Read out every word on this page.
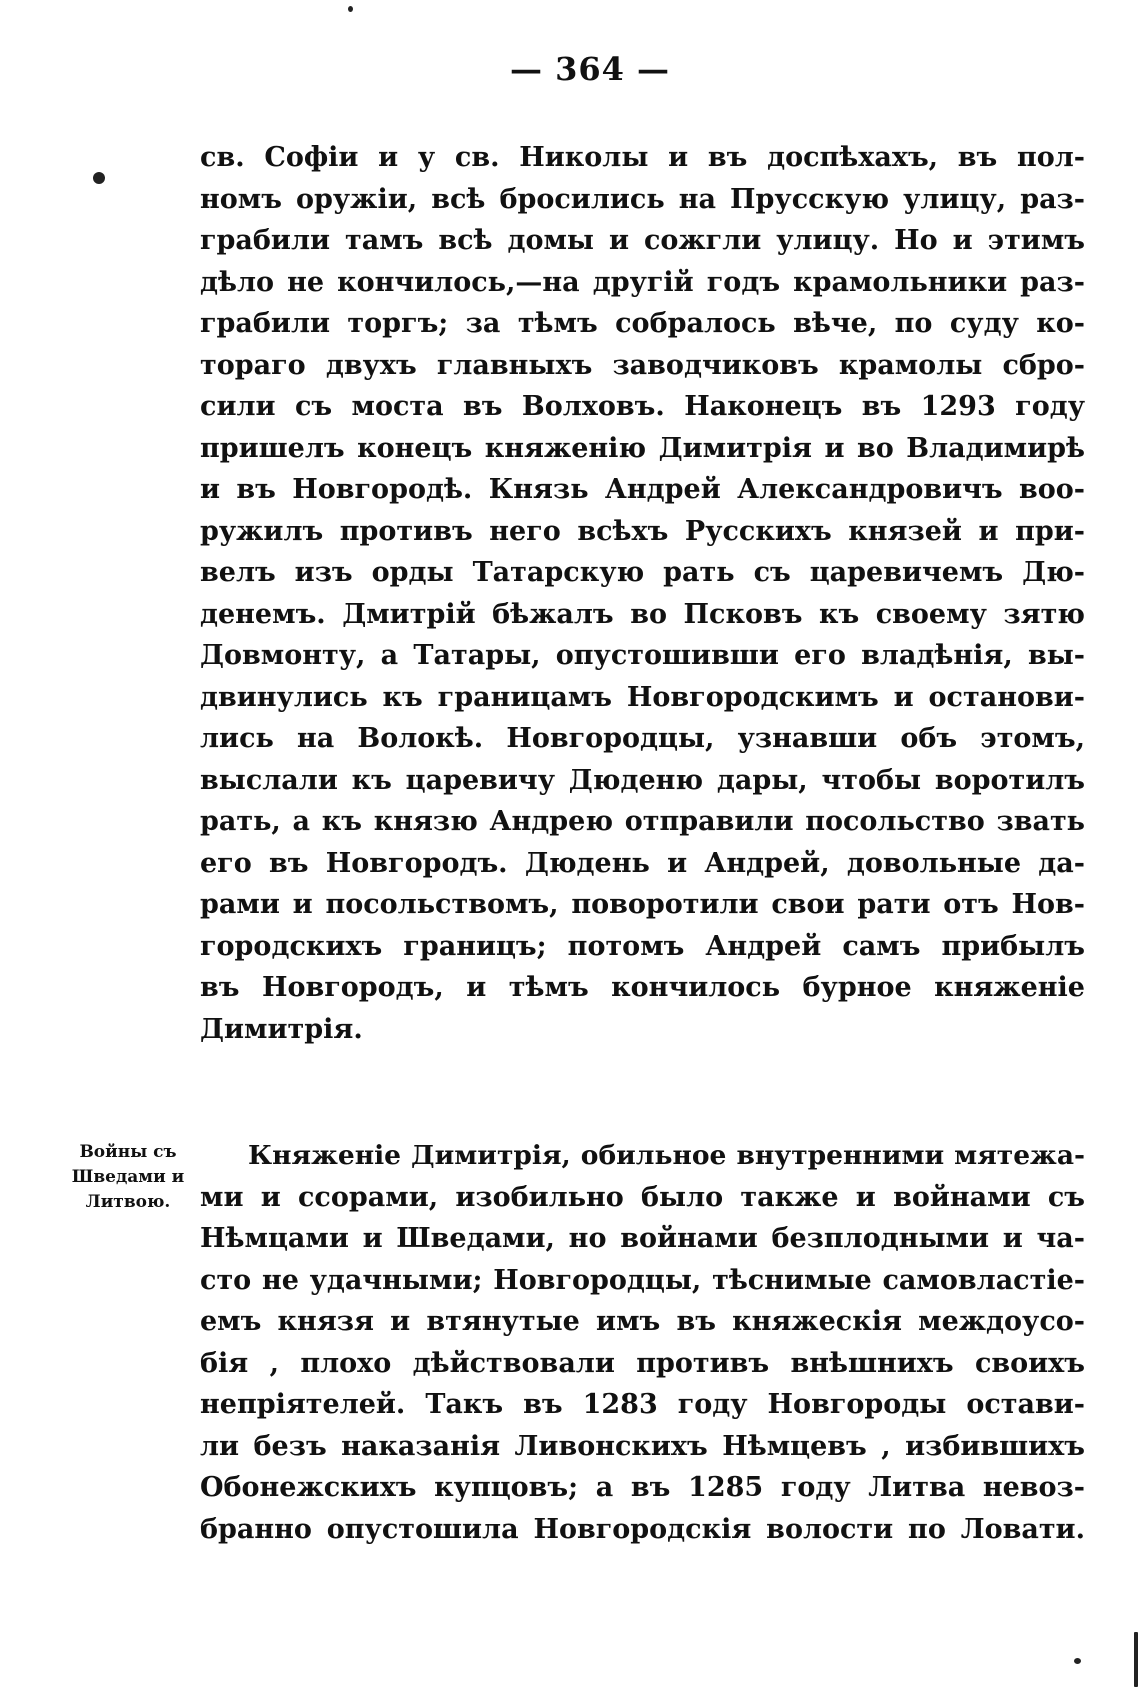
— 364 —
св. Софіи и у св. Николы и въ доспѣхахъ, въ пол-
номъ оружіи, всѣ бросились на Прусскую улицу, раз-
грабили тамъ всѣ домы и сожгли улицу. Но и этимъ
дѣло не кончилось,—на другій годъ крамольники раз-
грабили торгъ; за тѣмъ собралось вѣче, по суду ко-
тораго двухъ главныхъ заводчиковъ крамолы сбро-
сили съ моста въ Волховъ. Наконецъ въ 1293 году
пришелъ конецъ княженію Димитрія и во Владимирѣ
и въ Новгородѣ. Князь Андрей Александровичъ воо-
ружилъ противъ него всѣхъ Русскихъ князей и при-
велъ изъ орды Татарскую рать съ царевичемъ Дю-
денемъ. Дмитрій бѣжалъ во Псковъ къ своему зятю
Довмонту, а Татары, опустошивши его владѣнія, вы-
двинулись къ границамъ Новгородскимъ и останови-
лись на Волокѣ. Новгородцы, узнавши объ этомъ,
выслали къ царевичу Дюденю дары, чтобы воротилъ
рать, а къ князю Андрею отправили посольство звать
его въ Новгородъ. Дюдень и Андрей, довольные да-
рами и посольствомъ, поворотили свои рати отъ Нов-
городскихъ границъ; потомъ Андрей самъ прибылъ
въ Новгородъ, и тѣмъ кончилось бурное княженіе
Димитрія.
Войны съ
Шведами и
Литвою.
Княженіе Димитрія, обильное внутренними мятежа-
ми и ссорами, изобильно было также и войнами съ
Нѣмцами и Шведами, но войнами безплодными и ча-
сто не удачными; Новгородцы, тѣснимые самовластіе-
емъ князя и втянутые имъ въ княжескія междоусо-
бія , плохо дѣйствовали противъ внѣшнихъ своихъ
непріятелей. Такъ въ 1283 году Новгороды остави-
ли безъ наказанія Ливонскихъ Нѣмцевъ , избившихъ
Обонежскихъ купцовъ; а въ 1285 году Литва невоз-
бранно опустошила Новгородскія волости по Ловати.
